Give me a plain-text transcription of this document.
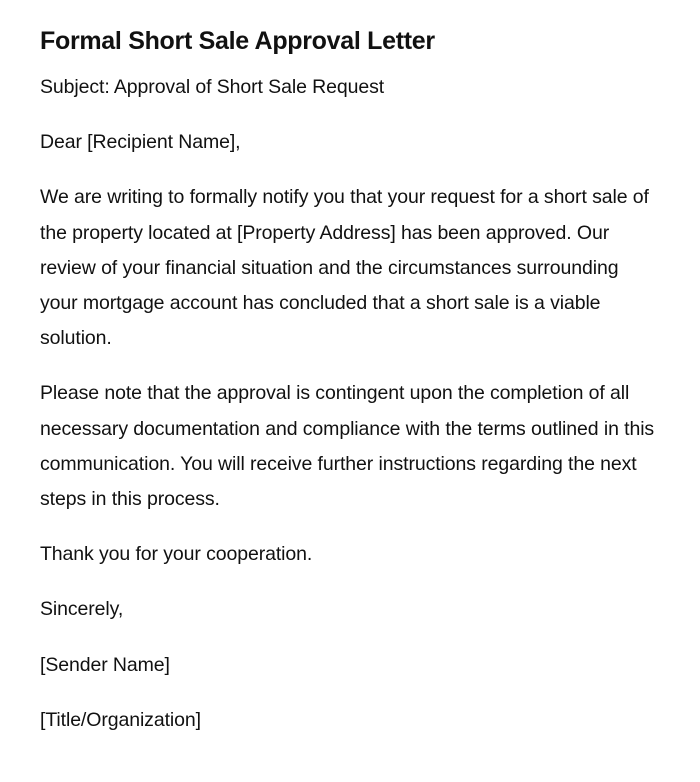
Formal Short Sale Approval Letter

Subject: Approval of Short Sale Request

Dear [Recipient Name],

We are writing to formally notify you that your request for a short sale of the property located at [Property Address] has been approved. Our review of your financial situation and the circumstances surrounding your mortgage account has concluded that a short sale is a viable solution.

Please note that the approval is contingent upon the completion of all necessary documentation and compliance with the terms outlined in this communication. You will receive further instructions regarding the next steps in this process.

Thank you for your cooperation.

Sincerely,

[Sender Name]

[Title/Organization]
